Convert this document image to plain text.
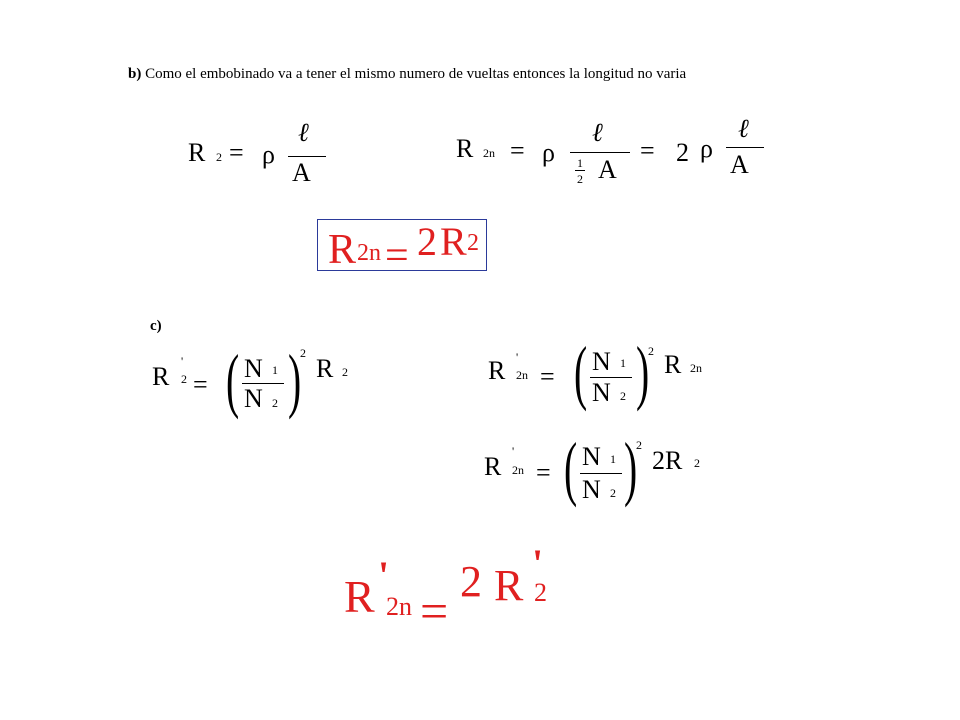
b) Como el embobinado va a tener el mismo numero de vueltas entonces la longitud no varia
R 2 = ρ
ℓ
A
R 2n = ρ
ℓ
1
2 A
= 2 ρ
ℓ
A
R 2n = 2 R 2
c)
R
'
2 = ( N 1
N 2 )
2
R 2	R '
2n = ( N 1
N 2 )
2 R 2n
R
'
2n = ( N 1
N 2 )
2
2R 2
R '
2n =
2 R '
2
